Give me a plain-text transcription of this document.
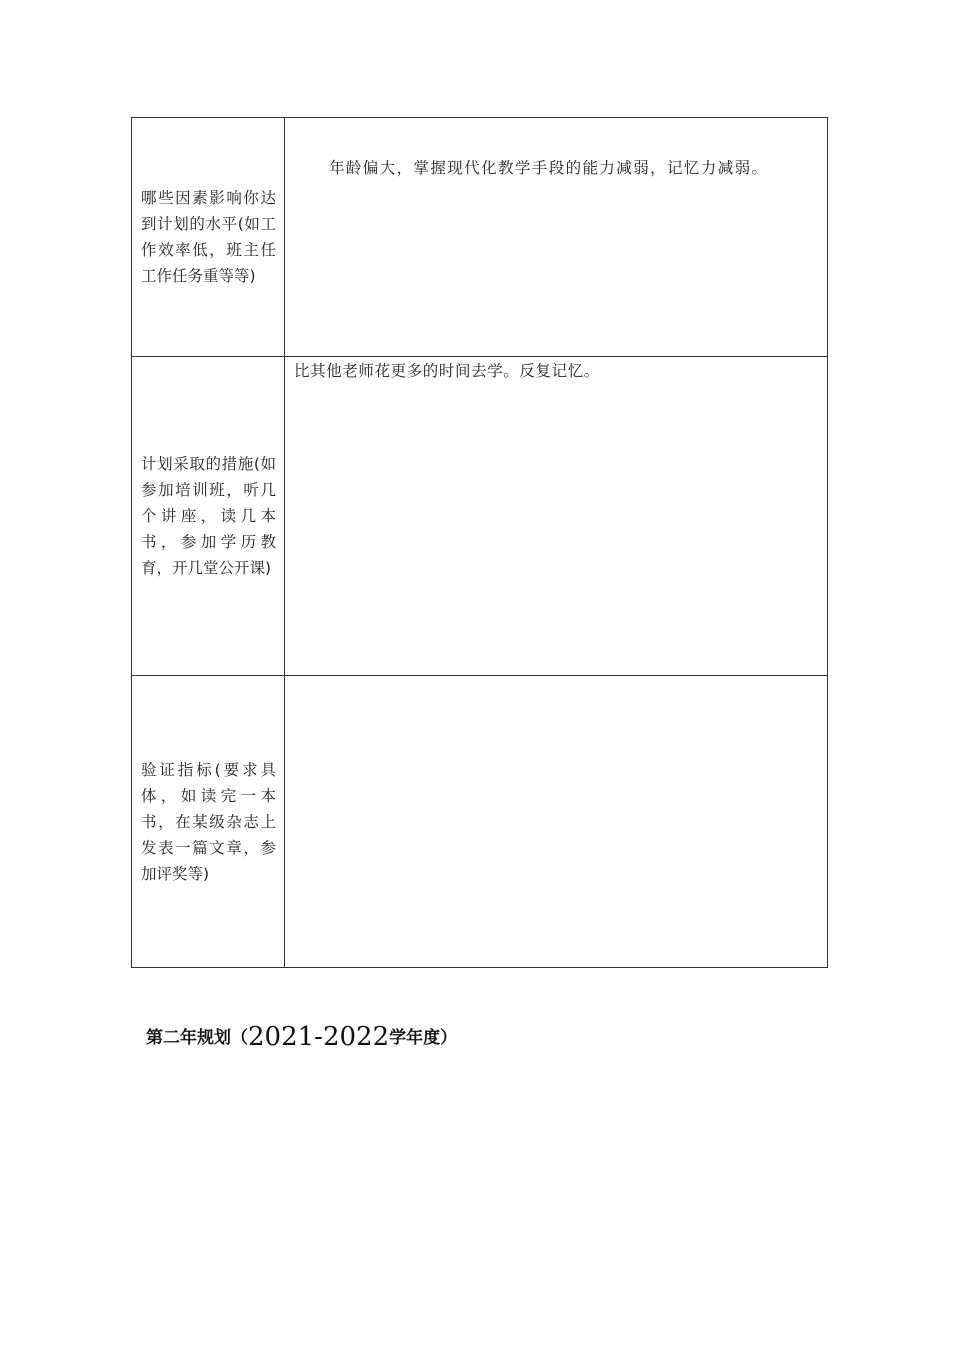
哪些因素影响你达到计划的水平(如工作效率低，班主任工作任务重等等)	年龄偏大，掌握现代化教学手段的能力减弱，记忆力减弱。

计划采取的措施(如参加培训班，听几个讲座，读几本书，参加学历教育，开几堂公开课)	比其他老师花更多的时间去学。反复记忆。

验证指标(要求具体，如读完一本书，在某级杂志上发表一篇文章，参加评奖等)	

第二年规划（2021-2022学年度）
